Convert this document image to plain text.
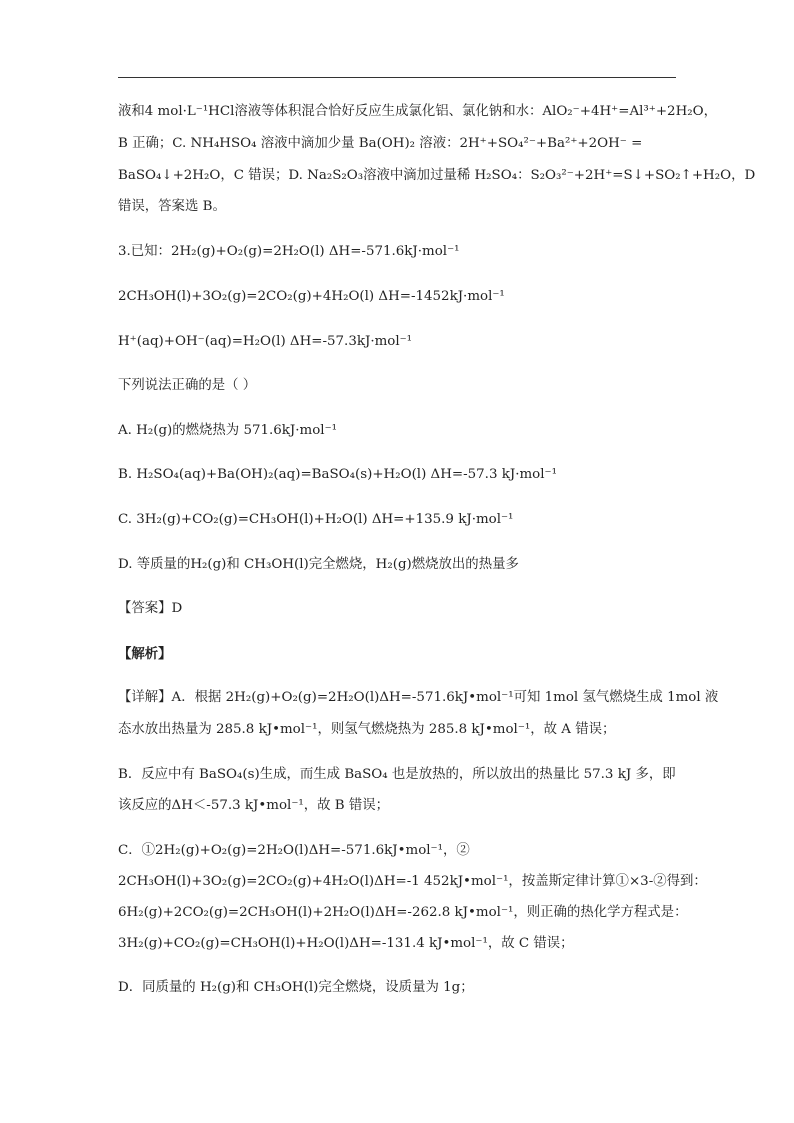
液和4 mol·L⁻¹HCl溶液等体积混合恰好反应生成氯化铝、氯化钠和水：AlO₂⁻+4H⁺=Al³⁺+2H₂O，
B 正确；C. NH₄HSO₄ 溶液中滴加少量 Ba(OH)₂ 溶液：2H⁺+SO₄²⁻+Ba²⁺+2OH⁻ =
BaSO₄↓+2H₂O，C 错误；D. Na₂S₂O₃溶液中滴加过量稀 H₂SO₄：S₂O₃²⁻+2H⁺=S↓+SO₂↑+H₂O，D
错误，答案选 B。
3.已知：2H₂(g)+O₂(g)=2H₂O(l) ΔH=-571.6kJ·mol⁻¹
2CH₃OH(l)+3O₂(g)=2CO₂(g)+4H₂O(l) ΔH=-1452kJ·mol⁻¹
H⁺(aq)+OH⁻(aq)=H₂O(l) ΔH=-57.3kJ·mol⁻¹
下列说法正确的是（ ）
A. H₂(g)的燃烧热为 571.6kJ·mol⁻¹
B. H₂SO₄(aq)+Ba(OH)₂(aq)=BaSO₄(s)+H₂O(l) ΔH=-57.3 kJ·mol⁻¹
C. 3H₂(g)+CO₂(g)=CH₃OH(l)+H₂O(l) ΔH=+135.9 kJ·mol⁻¹
D. 等质量的H₂(g)和 CH₃OH(l)完全燃烧，H₂(g)燃烧放出的热量多
【答案】D
【解析】
【详解】A．根据 2H₂(g)+O₂(g)=2H₂O(l)ΔH=-571.6kJ•mol⁻¹可知 1mol 氢气燃烧生成 1mol 液
态水放出热量为 285.8 kJ•mol⁻¹，则氢气燃烧热为 285.8 kJ•mol⁻¹，故 A 错误；
B．反应中有 BaSO₄(s)生成，而生成 BaSO₄ 也是放热的，所以放出的热量比 57.3 kJ 多，即
该反应的ΔH＜-57.3 kJ•mol⁻¹，故 B 错误；
C．①2H₂(g)+O₂(g)=2H₂O(l)ΔH=-571.6kJ•mol⁻¹，②
2CH₃OH(l)+3O₂(g)=2CO₂(g)+4H₂O(l)ΔH=-1 452kJ•mol⁻¹，按盖斯定律计算①×3-②得到：
6H₂(g)+2CO₂(g)=2CH₃OH(l)+2H₂O(l)ΔH=-262.8 kJ•mol⁻¹，则正确的热化学方程式是：
3H₂(g)+CO₂(g)=CH₃OH(l)+H₂O(l)ΔH=-131.4 kJ•mol⁻¹，故 C 错误；
D．同质量的 H₂(g)和 CH₃OH(l)完全燃烧，设质量为 1g；
